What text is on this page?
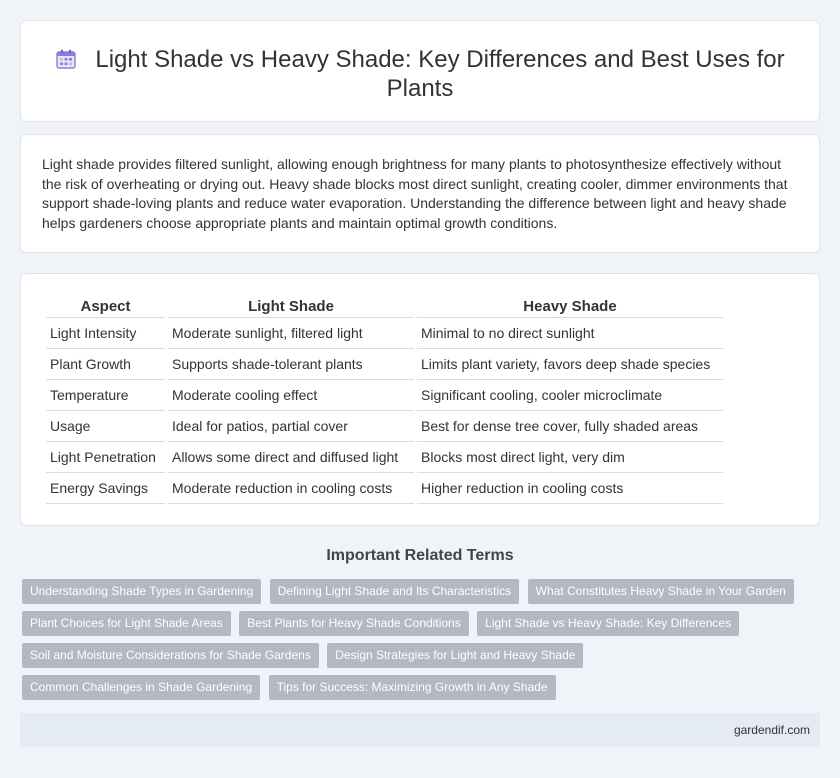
Light Shade vs Heavy Shade: Key Differences and Best Uses for Plants

Light shade provides filtered sunlight, allowing enough brightness for many plants to photosynthesize effectively without the risk of overheating or drying out. Heavy shade blocks most direct sunlight, creating cooler, dimmer environments that support shade-loving plants and reduce water evaporation. Understanding the difference between light and heavy shade helps gardeners choose appropriate plants and maintain optimal growth conditions.

Aspect	Light Shade	Heavy Shade
Light Intensity	Moderate sunlight, filtered light	Minimal to no direct sunlight
Plant Growth	Supports shade-tolerant plants	Limits plant variety, favors deep shade species
Temperature	Moderate cooling effect	Significant cooling, cooler microclimate
Usage	Ideal for patios, partial cover	Best for dense tree cover, fully shaded areas
Light Penetration	Allows some direct and diffused light	Blocks most direct light, very dim
Energy Savings	Moderate reduction in cooling costs	Higher reduction in cooling costs
Important Related Terms
Understanding Shade Types in Gardening Defining Light Shade and Its Characteristics What Constitutes Heavy Shade in Your Garden Plant Choices for Light Shade Areas Best Plants for Heavy Shade Conditions Light Shade vs Heavy Shade: Key Differences Soil and Moisture Considerations for Shade Gardens Design Strategies for Light and Heavy Shade Common Challenges in Shade Gardening Tips for Success: Maximizing Growth in Any Shade
gardendif.com
